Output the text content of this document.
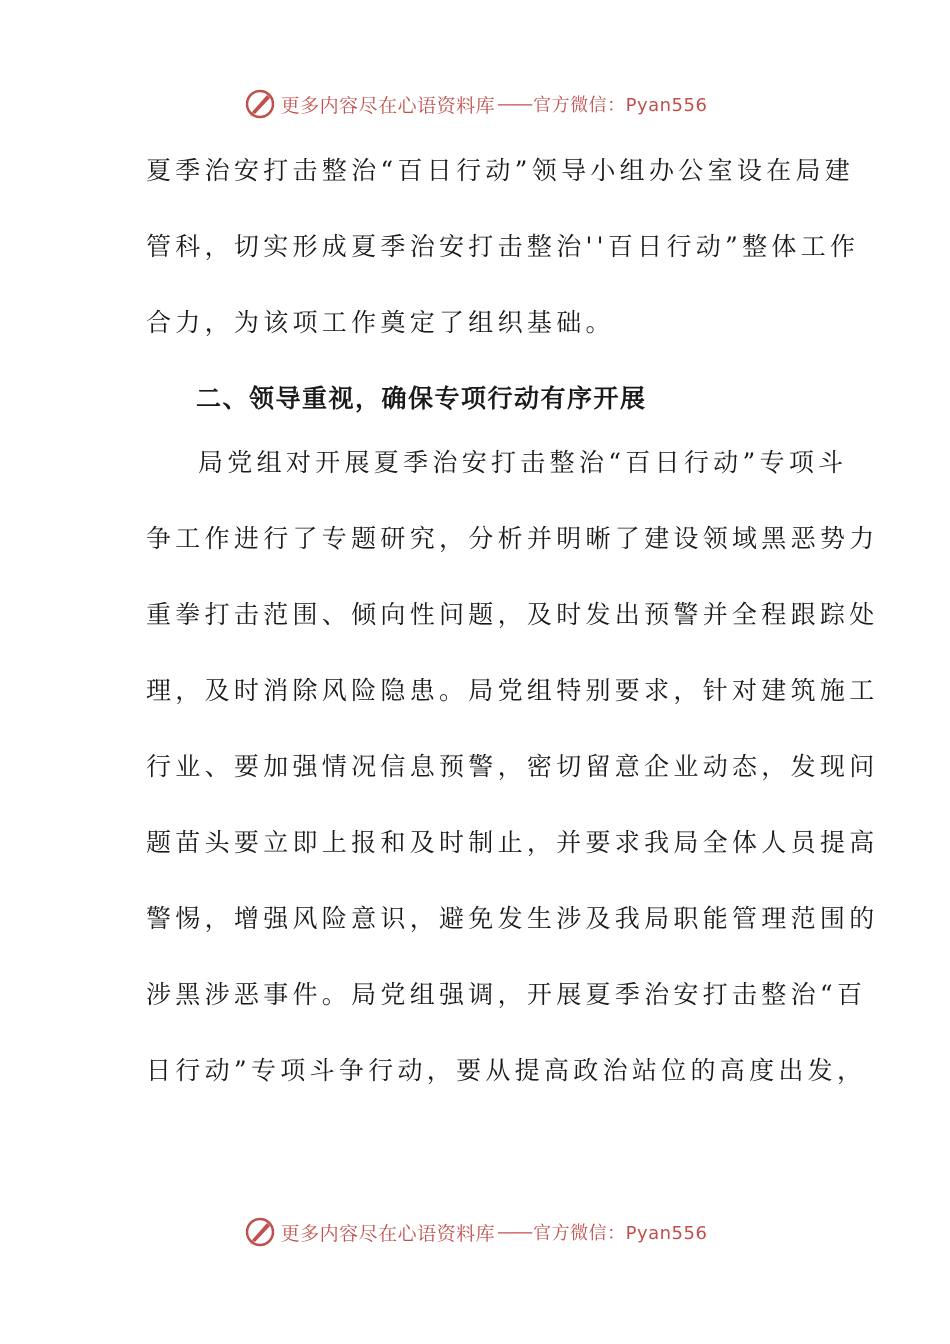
更多内容尽在心语资料库 —— 官方微信：Pyan556
夏季治安打击整治“百日行动”领导小组办公室设在局建
管科，切实形成夏季治安打击整治''百日行动”整体工作
合力，为该项工作奠定了组织基础。
二、领导重视，确保专项行动有序开展
局党组对开展夏季治安打击整治“百日行动”专项斗
争工作进行了专题研究，分析并明晰了建设领域黑恶势力
重拳打击范围、倾向性问题，及时发出预警并全程跟踪处
理，及时消除风险隐患。局党组特别要求，针对建筑施工
行业、要加强情况信息预警，密切留意企业动态，发现问
题苗头要立即上报和及时制止，并要求我局全体人员提高
警惕，增强风险意识，避免发生涉及我局职能管理范围的
涉黑涉恶事件。局党组强调，开展夏季治安打击整治“百
日行动”专项斗争行动，要从提高政治站位的高度出发，
更多内容尽在心语资料库 —— 官方微信：Pyan556
